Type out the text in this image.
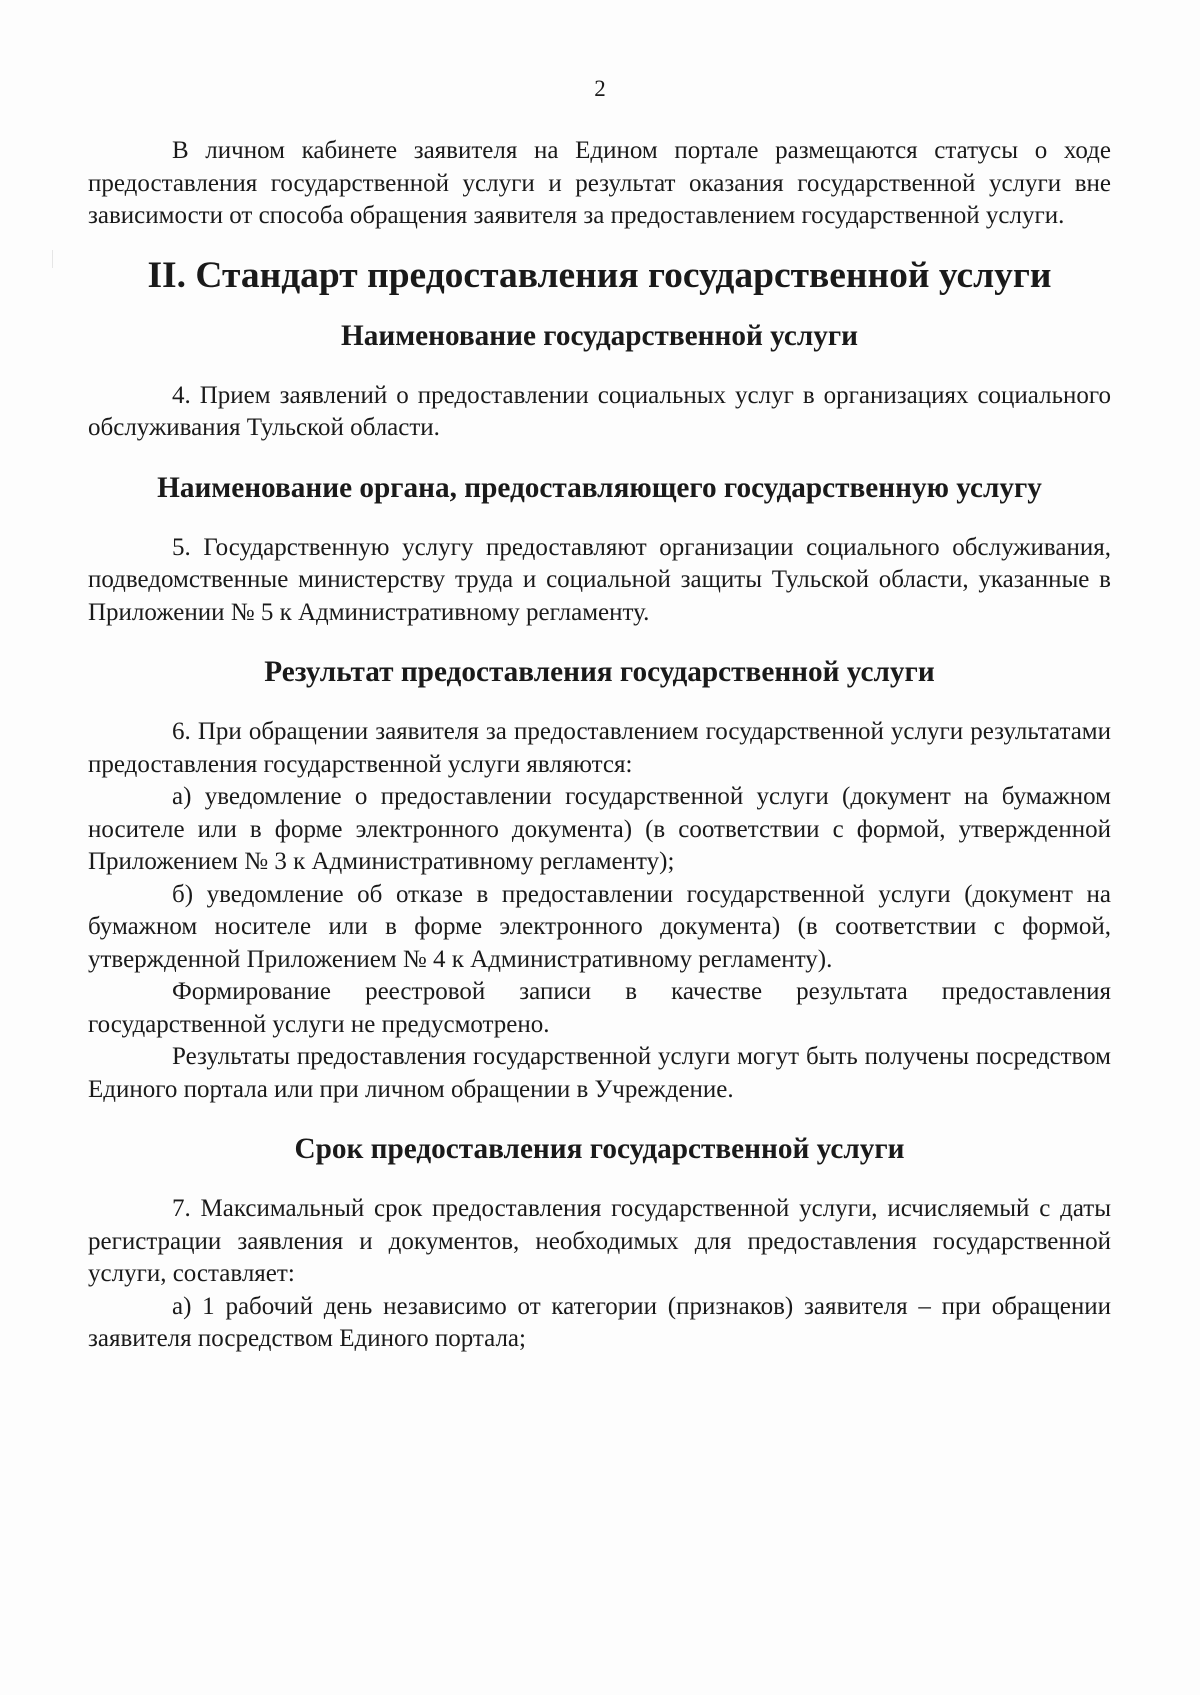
2

В личном кабинете заявителя на Едином портале размещаются статусы о ходе предоставления государственной услуги и результат оказания государственной услуги вне зависимости от способа обращения заявителя за предоставлением государственной услуги.

II. Стандарт предоставления государственной услуги
Наименование государственной услуги

4. Прием заявлений о предоставлении социальных услуг в организациях социального обслуживания Тульской области.

Наименование органа, предоставляющего государственную услугу

5. Государственную услугу предоставляют организации социального обслуживания, подведомственные министерству труда и социальной защиты Тульской области, указанные в Приложении № 5 к Административному регламенту.

Результат предоставления государственной услуги

6. При обращении заявителя за предоставлением государственной услуги результатами предоставления государственной услуги являются:

а) уведомление о предоставлении государственной услуги (документ на бумажном носителе или в форме электронного документа) (в соответствии с формой, утвержденной Приложением № 3 к Административному регламенту);

б) уведомление об отказе в предоставлении государственной услуги (документ на бумажном носителе или в форме электронного документа) (в соответствии с формой, утвержденной Приложением № 4 к Административному регламенту).

Формирование реестровой записи в качестве результата предоставления государственной услуги не предусмотрено.

Результаты предоставления государственной услуги могут быть получены посредством Единого портала или при личном обращении в Учреждение.

Срок предоставления государственной услуги

7. Максимальный срок предоставления государственной услуги, исчисляемый с даты регистрации заявления и документов, необходимых для предоставления государственной услуги, составляет:

а) 1 рабочий день независимо от категории (признаков) заявителя – при обращении заявителя посредством Единого портала;
